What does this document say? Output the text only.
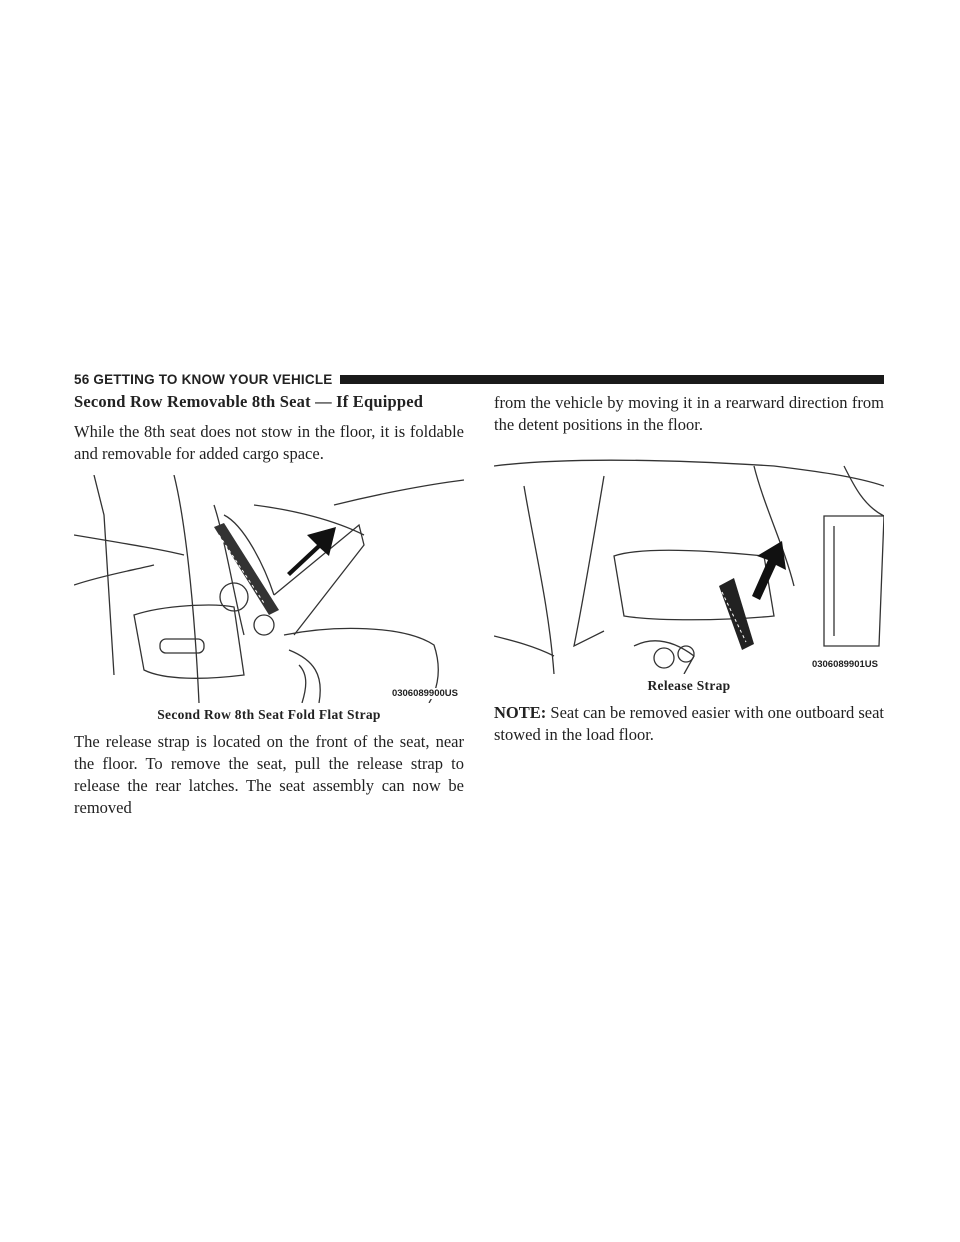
56 GETTING TO KNOW YOUR VEHICLE
Second Row Removable 8th Seat — If Equipped

While the 8th seat does not stow in the floor, it is foldable and removable for added cargo space.

0306089900US
Second Row 8th Seat Fold Flat Strap

The release strap is located on the front of the seat, near the floor. To remove the seat, pull the release strap to release the rear latches. The seat assembly can now be removed

from the vehicle by moving it in a rearward direction from the detent positions in the floor.

0306089901US
Release Strap

NOTE: Seat can be removed easier with one outboard seat stowed in the load floor.
